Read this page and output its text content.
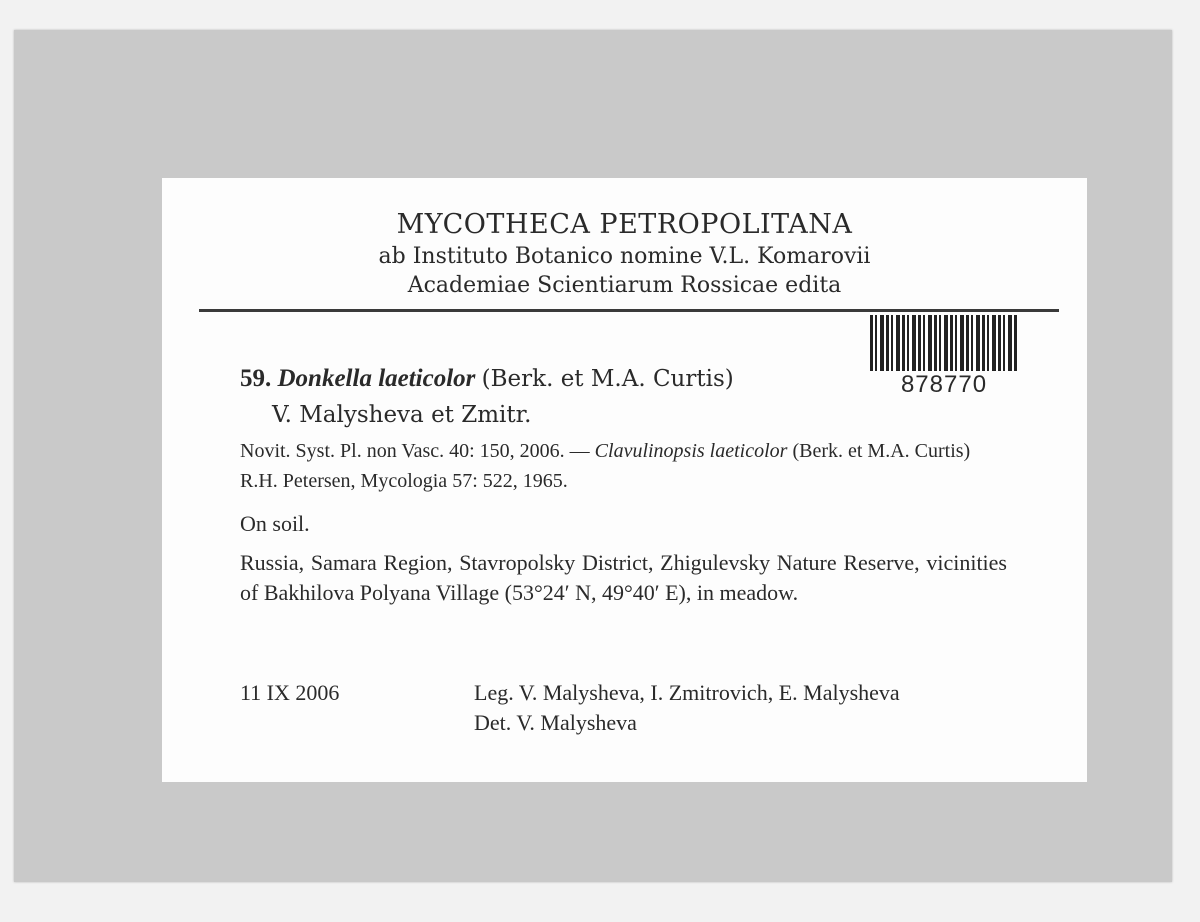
MYCOTHECA PETROPOLITANA
ab Instituto Botanico nomine V.L. Komarovii
Academiae Scientiarum Rossicae edita
878770
59. Donkella laeticolor (Berk. et M.A. Curtis)
V. Malysheva et Zmitr.
Novit. Syst. Pl. non Vasc. 40: 150, 2006. — Clavulinopsis laeticolor (Berk. et M.A. Curtis) R.H. Petersen, Mycologia 57: 522, 1965.
On soil.
Russia, Samara Region, Stavropolsky District, Zhigulevsky Nature Reserve, vicinities of Bakhilova Polyana Village (53°24′ N, 49°40′ E), in meadow.
11 IX 2006	Leg. V. Malysheva, I. Zmitrovich, E. Malysheva
Det. V. Malysheva
